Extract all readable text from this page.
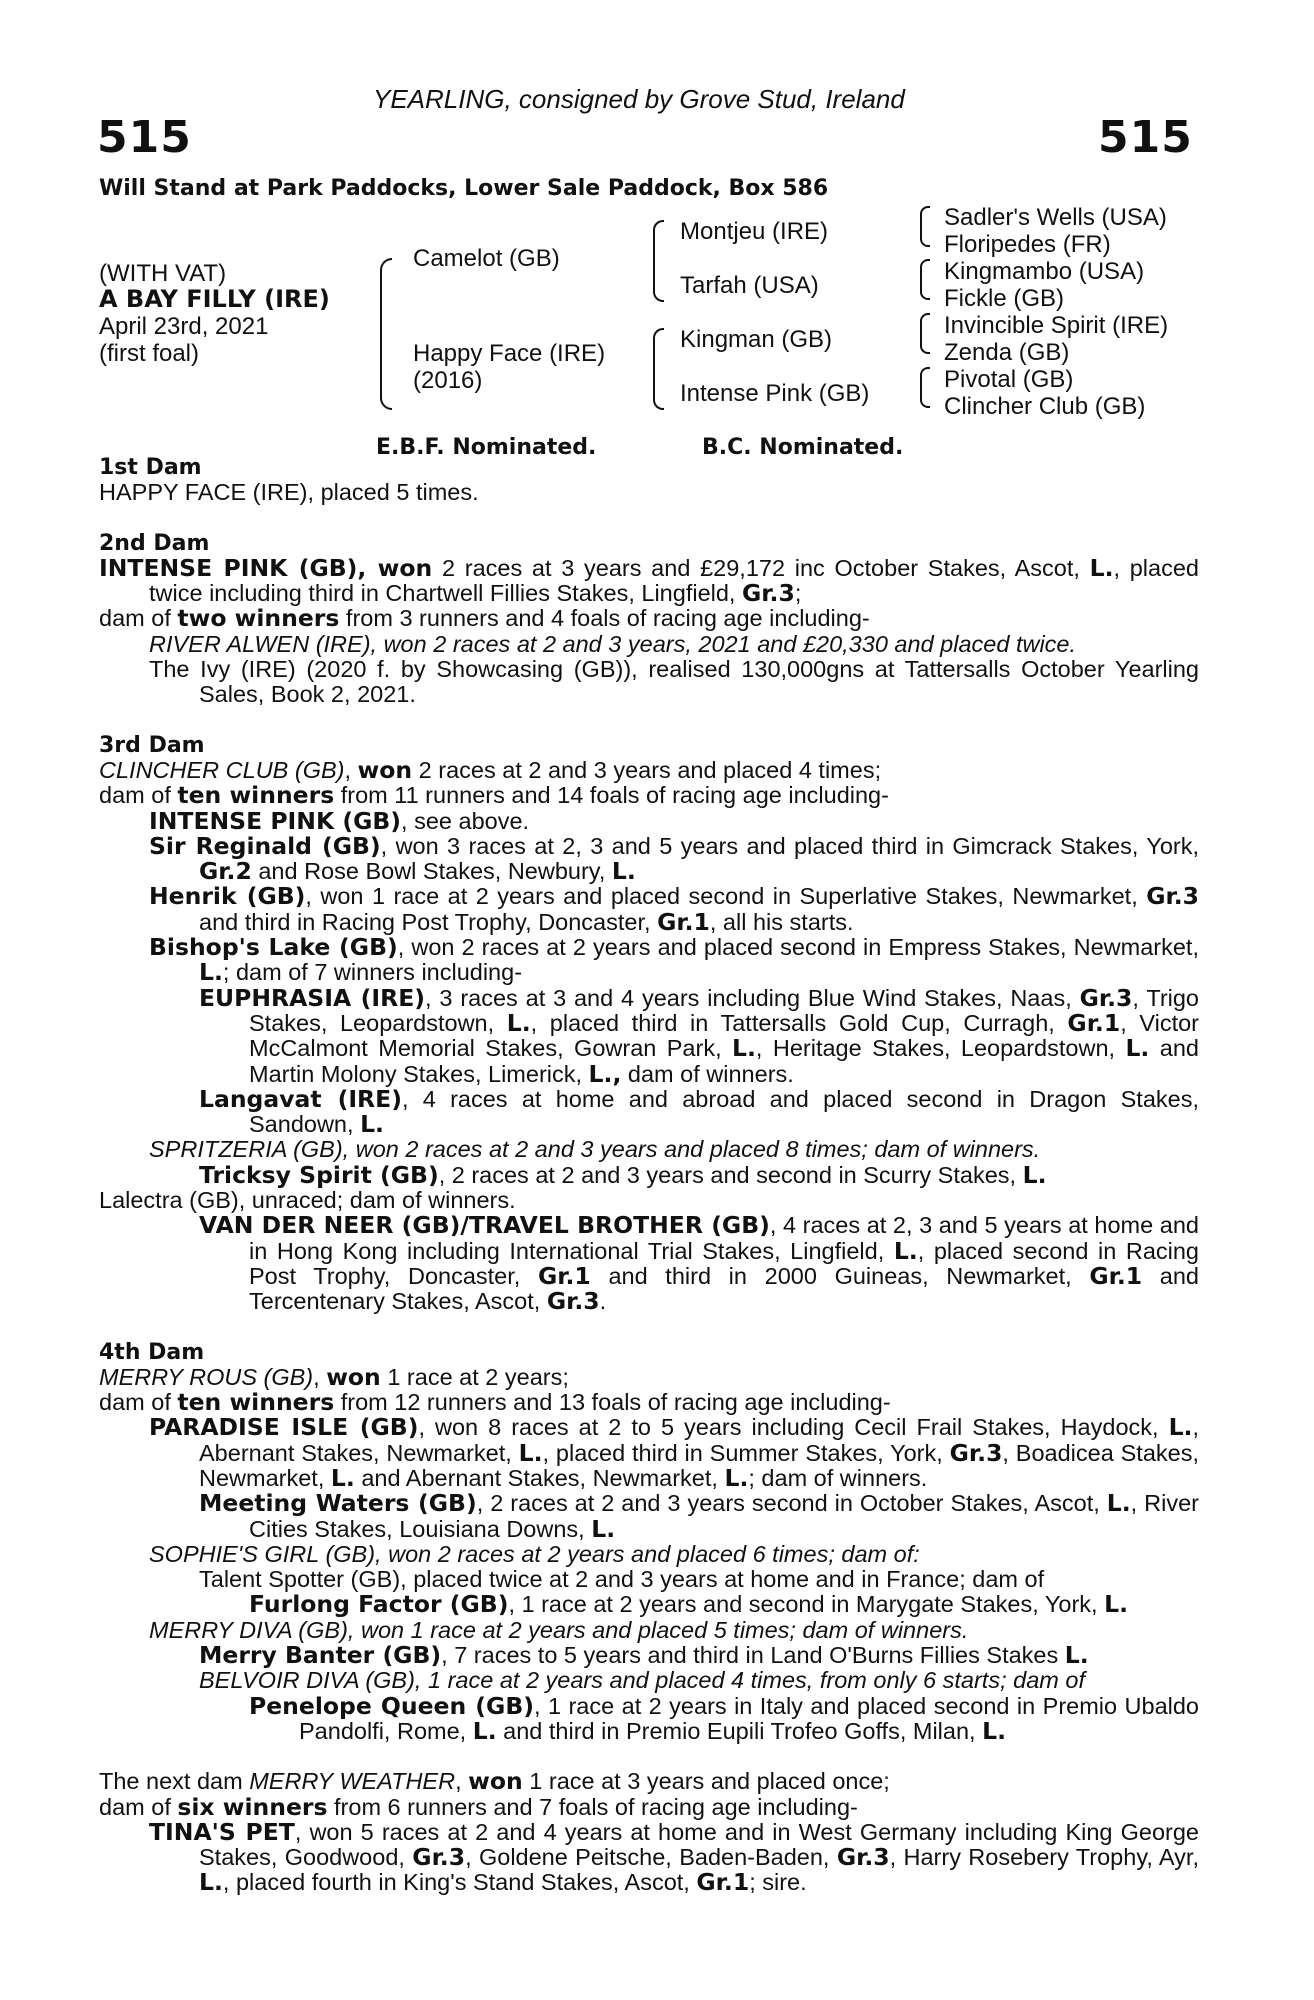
YEARLING, consigned by Grove Stud, Ireland
515	515
Will Stand at Park Paddocks, Lower Sale Paddock, Box 586
(WITH VAT)
A BAY FILLY (IRE)
April 23rd, 2021
(first foal)
Camelot (GB)
Happy Face (IRE)
(2016)
Montjeu (IRE)
Tarfah (USA)
Kingman (GB)
Intense Pink (GB)
Sadler's Wells (USA)
Floripedes (FR)
Kingmambo (USA)
Fickle (GB)
Invincible Spirit (IRE)
Zenda (GB)
Pivotal (GB)
Clincher Club (GB)
E.B.F. Nominated.	B.C. Nominated.

1st Dam

HAPPY FACE (IRE), placed 5 times.

2nd Dam

INTENSE PINK (GB), won 2 races at 3 years and £29,172 inc October Stakes, Ascot, L., placed twice including third in Chartwell Fillies Stakes, Lingfield, Gr.3;

dam of two winners from 3 runners and 4 foals of racing age including-

RIVER ALWEN (IRE), won 2 races at 2 and 3 years, 2021 and £20,330 and placed twice.

The Ivy (IRE) (2020 f. by Showcasing (GB)), realised 130,000gns at Tattersalls October Yearling Sales, Book 2, 2021.

3rd Dam

CLINCHER CLUB (GB), won 2 races at 2 and 3 years and placed 4 times;

dam of ten winners from 11 runners and 14 foals of racing age including-

INTENSE PINK (GB), see above.

Sir Reginald (GB), won 3 races at 2, 3 and 5 years and placed third in Gimcrack Stakes, York, Gr.2 and Rose Bowl Stakes, Newbury, L.

Henrik (GB), won 1 race at 2 years and placed second in Superlative Stakes, Newmarket, Gr.3 and third in Racing Post Trophy, Doncaster, Gr.1, all his starts.

Bishop's Lake (GB), won 2 races at 2 years and placed second in Empress Stakes, Newmarket, L.; dam of 7 winners including-

EUPHRASIA (IRE), 3 races at 3 and 4 years including Blue Wind Stakes, Naas, Gr.3, Trigo Stakes, Leopardstown, L., placed third in Tattersalls Gold Cup, Curragh, Gr.1, Victor McCalmont Memorial Stakes, Gowran Park, L., Heritage Stakes, Leopardstown, L. and Martin Molony Stakes, Limerick, L., dam of winners.

Langavat (IRE), 4 races at home and abroad and placed second in Dragon Stakes, Sandown, L.

SPRITZERIA (GB), won 2 races at 2 and 3 years and placed 8 times; dam of winners.

Tricksy Spirit (GB), 2 races at 2 and 3 years and second in Scurry Stakes, L.

Lalectra (GB), unraced; dam of winners.

VAN DER NEER (GB)/TRAVEL BROTHER (GB), 4 races at 2, 3 and 5 years at home and in Hong Kong including International Trial Stakes, Lingfield, L., placed second in Racing Post Trophy, Doncaster, Gr.1 and third in 2000 Guineas, Newmarket, Gr.1 and Tercentenary Stakes, Ascot, Gr.3.

4th Dam

MERRY ROUS (GB), won 1 race at 2 years;

dam of ten winners from 12 runners and 13 foals of racing age including-

PARADISE ISLE (GB), won 8 races at 2 to 5 years including Cecil Frail Stakes, Haydock, L., Abernant Stakes, Newmarket, L., placed third in Summer Stakes, York, Gr.3, Boadicea Stakes, Newmarket, L. and Abernant Stakes, Newmarket, L.; dam of winners.

Meeting Waters (GB), 2 races at 2 and 3 years second in October Stakes, Ascot, L., River Cities Stakes, Louisiana Downs, L.

SOPHIE'S GIRL (GB), won 2 races at 2 years and placed 6 times; dam of:

Talent Spotter (GB), placed twice at 2 and 3 years at home and in France; dam of

Furlong Factor (GB), 1 race at 2 years and second in Marygate Stakes, York, L.

MERRY DIVA (GB), won 1 race at 2 years and placed 5 times; dam of winners.

Merry Banter (GB), 7 races to 5 years and third in Land O'Burns Fillies Stakes L.

BELVOIR DIVA (GB), 1 race at 2 years and placed 4 times, from only 6 starts; dam of

Penelope Queen (GB), 1 race at 2 years in Italy and placed second in Premio Ubaldo Pandolfi, Rome, L. and third in Premio Eupili Trofeo Goffs, Milan, L.

The next dam MERRY WEATHER, won 1 race at 3 years and placed once;

dam of six winners from 6 runners and 7 foals of racing age including-

TINA'S PET, won 5 races at 2 and 4 years at home and in West Germany including King George Stakes, Goodwood, Gr.3, Goldene Peitsche, Baden-Baden, Gr.3, Harry Rosebery Trophy, Ayr, L., placed fourth in King's Stand Stakes, Ascot, Gr.1; sire.
